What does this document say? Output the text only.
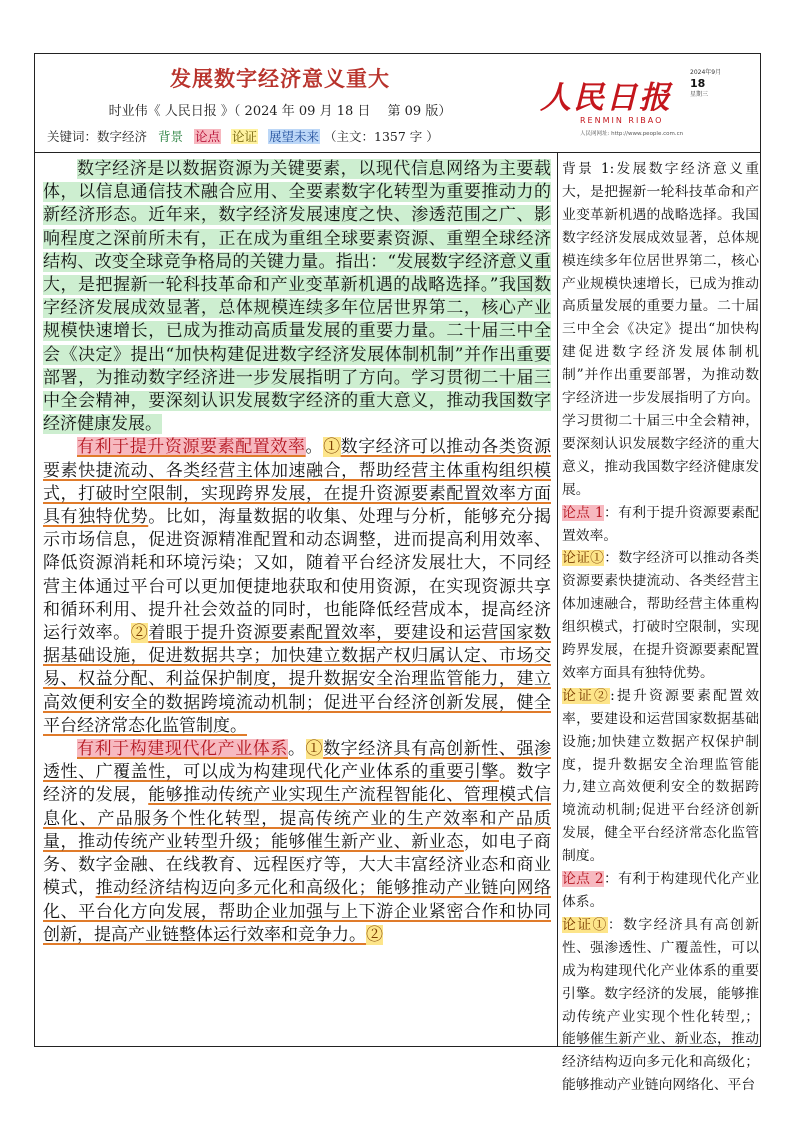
发展数字经济意义重大
时业伟《 人民日报 》（ 2024 年 09 月 18 日　 第 09 版）
关键词：数字经济 背景 论点 论证 展望未来 （主文：1357 字 ）
人民日报
RENMIN RIBAO
人民网网址: http://www.people.com.cn
2024年9月
18
星期三

数字经济是以数据资源为关键要素，以现代信息网络为主要载体，以信息通信技术融合应用、全要素数字化转型为重要推动力的新经济形态。近年来，数字经济发展速度之快、渗透范围之广、影响程度之深前所未有，正在成为重组全球要素资源、重塑全球经济结构、改变全球竞争格局的关键力量。指出：“发展数字经济意义重大，是把握新一轮科技革命和产业变革新机遇的战略选择。”我国数字经济发展成效显著，总体规模连续多年位居世界第二，核心产业规模快速增长，已成为推动高质量发展的重要力量。二十届三中全会《决定》提出“加快构建促进数字经济发展体制机制”并作出重要部署，为推动数字经济进一步发展指明了方向。学习贯彻二十届三中全会精神，要深刻认识发展数字经济的重大意义，推动我国数字经济健康发展。

有利于提升资源要素配置效率。①数字经济可以推动各类资源要素快捷流动、各类经营主体加速融合，帮助经营主体重构组织模式，打破时空限制，实现跨界发展，在提升资源要素配置效率方面具有独特优势。比如，海量数据的收集、处理与分析，能够充分揭示市场信息，促进资源精准配置和动态调整，进而提高利用效率、降低资源消耗和环境污染；又如，随着平台经济发展壮大，不同经营主体通过平台可以更加便捷地获取和使用资源，在实现资源共享和循环利用、提升社会效益的同时，也能降低经营成本，提高经济运行效率。②着眼于提升资源要素配置效率，要建设和运营国家数据基础设施，促进数据共享；加快建立数据产权归属认定、市场交易、权益分配、利益保护制度，提升数据安全治理监管能力，建立高效便利安全的数据跨境流动机制；促进平台经济创新发展，健全平台经济常态化监管制度。

有利于构建现代化产业体系。①数字经济具有高创新性、强渗透性、广覆盖性，可以成为构建现代化产业体系的重要引擎。数字经济的发展，能够推动传统产业实现生产流程智能化、管理模式信息化、产品服务个性化转型，提高传统产业的生产效率和产品质量，推动传统产业转型升级；能够催生新产业、新业态，如电子商务、数字金融、在线教育、远程医疗等，大大丰富经济业态和商业模式，推动经济结构迈向多元化和高级化；能够推动产业链向网络化、平台化方向发展，帮助企业加强与上下游企业紧密合作和协同创新，提高产业链整体运行效率和竞争力。②

背景 1:发展数字经济意义重大，是把握新一轮科技革命和产业变革新机遇的战略选择。我国数字经济发展成效显著，总体规模连续多年位居世界第二，核心产业规模快速增长，已成为推动高质量发展的重要力量。二十届三中全会《决定》提出“加快构建促进数字经济发展体制机制”并作出重要部署，为推动数字经济进一步发展指明了方向。学习贯彻二十届三中全会精神，要深刻认识发展数字经济的重大意义，推动我国数字经济健康发展。

论点 1：有利于提升资源要素配置效率。

论证①：数字经济可以推动各类资源要素快捷流动、各类经营主体加速融合，帮助经营主体重构组织模式，打破时空限制，实现跨界发展，在提升资源要素配置效率方面具有独特优势。

论证②:提升资源要素配置效率，要建设和运营国家数据基础设施;加快建立数据产权保护制度，提升数据安全治理监管能力,建立高效便利安全的数据跨境流动机制;促进平台经济创新发展，健全平台经济常态化监管制度。

论点 2：有利于构建现代化产业体系。

论证①：数字经济具有高创新性、强渗透性、广覆盖性，可以成为构建现代化产业体系的重要引擎。数字经济的发展，能够推动传统产业实现个性化转型,；能够催生新产业、新业态，推动经济结构迈向多元化和高级化；能够推动产业链向网络化、平台
